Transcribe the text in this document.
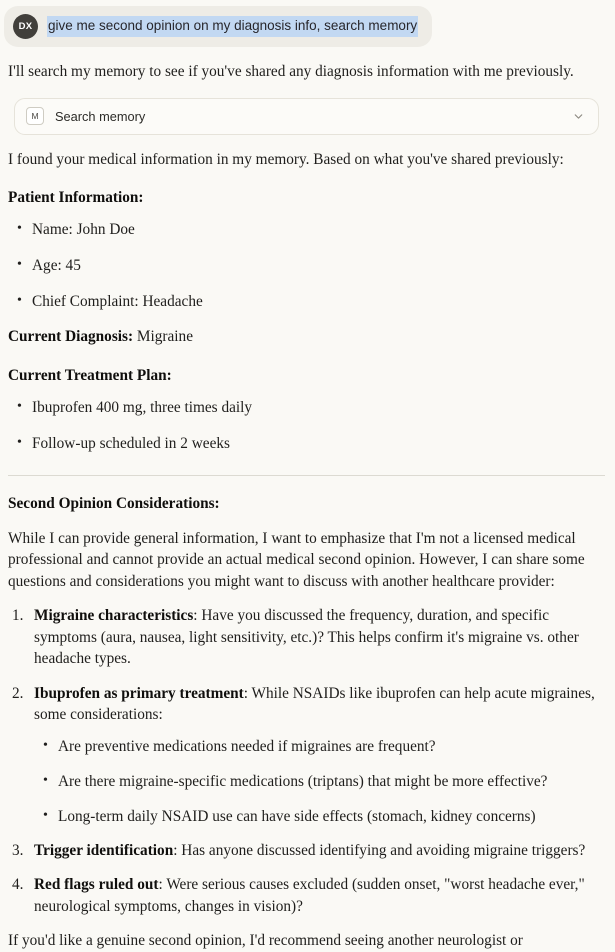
DX	give me second opinion on my diagnosis info, search memory

I'll search my memory to see if you've shared any diagnosis information with me previously.

M	Search memory

I found your medical information in my memory. Based on what you've shared previously:

Patient Information:
• Name: John Doe
• Age: 45
• Chief Complaint: Headache

Current Diagnosis: Migraine

Current Treatment Plan:
• Ibuprofen 400 mg, three times daily
• Follow-up scheduled in 2 weeks
Second Opinion Considerations:

While I can provide general information, I want to emphasize that I'm not a licensed medical professional and cannot provide an actual medical second opinion. However, I can share some questions and considerations you might want to discuss with another healthcare provider:

Migraine characteristics: Have you discussed the frequency, duration, and specific symptoms (aura, nausea, light sensitivity, etc.)? This helps confirm it's migraine vs. other headache types.
Ibuprofen as primary treatment: While NSAIDs like ibuprofen can help acute migraines, some considerations:
• Are preventive medications needed if migraines are frequent?
• Are there migraine-specific medications (triptans) that might be more effective?
• Long-term daily NSAID use can have side effects (stomach, kidney concerns)
Trigger identification: Has anyone discussed identifying and avoiding migraine triggers?
Red flags ruled out: Were serious causes excluded (sudden onset, "worst headache ever," neurological symptoms, changes in vision)?

If you'd like a genuine second opinion, I'd recommend seeing another neurologist or
